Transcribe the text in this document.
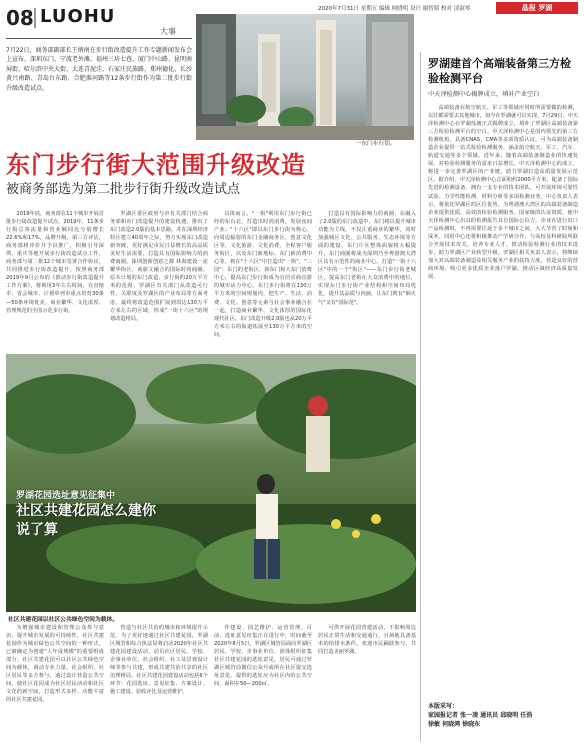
08 LUOHU
大事
2020年7月31日 星期五 编辑 柯晓明 设计 谢智韬 校对 凌淑琴	晶报 罗湖
7月22日，商务部副部长王炳南在步行街改造提升工作专题新闻发布会上宣布，深圳东门、宁波老外滩、福州三坊七巷、厦门中山路、昆明南屏街、哈尔滨中央大街、大连青泥洼、石家庄民族路、郑州德化、长沙黄兴南路、青岛台东路、合肥淮河路等12条步行街作为第二批步行街升级改造试点。
一东门步行街。
东门步行街大范围升级改造
被商务部选为第二批步行街升级改造试点

2019年底，商务部在11个城市开展首批步行街改造提升试点，2019年，11条步行街总客流量和营业额同比分别增长22.6%和17%，品牌升级，第三方评估，商务部将评价并予以推广，积极引导深圳、重庆等地开展步行街改造试点工作，商务部与第二批12个城市签署合作协议，共同推进步行街改造提升。按照商务部2019年9月公布的《推动步行街改造提升工作方案》，将利用3年左右时间，在直辖市、省会城市、计划单列市重点培育30条—50条环境优美、商业繁华、文化浓厚、管理规范的全国示范步行街。

罗湖区委区政府与市有关部门结合商务部和市门改造提升的建设机遇，推出了东门改造2.0版的基本思路，并在深圳经济特区建立40周年之际，努力实现东门改造新突破，更好满足市民日益增长的高品质美好生活需要，打造具有国际影响力的消费商圈。深圳创新创意之都 林海建设一流繁华街区，商旅文融合的国际时尚商圈。原木计划的东门改造，步行街约20万平方米的范围，罗湖区有关部门从改造可行性、关联度及罗湖区的产业布局等方面考虑，最终将改造范围扩展到周边130万平方米左右的区域，形成"一街十六区"的规划改造格局。

具体而言，"一街"利用东门步行街已经的东台北，打造出时尚消费，发展夜间产业；"十六区"即以东门步行街为核心，向周边辐射的东门金融商务区，创意文化区等，文化旅游、文化消费、全程客户服务街区，以及东门新地标、东门新消费中心等，将在"十六区"中打造出"一街"，"三园"：东门的老街区、新东门和大东门消费中心，提高东门步行街成为宜居宜商宜游的城市活力中心。东门步行街将在130万平方米的空间规划内，把生产、生活、消费、文化、创意等元素与社会事业融合在一起，打造商业繁华，文化浓厚的国际化现代社区。东门改造升级2.0版也从20万平方米左右的街道拓展至130万平方米的空间。

打造具有国际影响力的商圈，在融入了2.0版的东门改造中，东门将以提升城市功能为主线，不仅注重商业的繁华，同时加强城区文化、公共服务、生态环境等方面的建设，东门片区整体面貌将大幅提升，东门商圈将成为深圳乃至粤港澳大湾区具有示范性的商业中心。打造"一街十六区"中的一个"街区"——东门步行街老城区，提高东门老街在大众消费中的地位，实现东门步行街产业结构和空间布局优化，提升其品质与内涵，让东门既有"烟火气"又有"国际范"。

罗湖建首个高端装备第三方检验检测平台
中天泽检测中心揭牌成立，填补产业空白

高端装备在航空航天、军工等领域应用时所需要做的检测，以往都需要去其他城市，如今在罗湖就可以实现。7月29日，中天泽检测中心在罗湖莲塘正式揭牌成立，填补了罗湖区高端装备第三方检验检测平台的空白。中天泽检测中心是国内领先的第三方检测机构，具备CNAS、CMA等多项资质认证，可为高端装备制造企业提供一站式检验检测服务，涵盖航空航天、军工、汽车、轨道交通等多个领域。近年来，随着高端装备制造业的快速发展，对检验检测服务的需求日益增长。中天泽检测中心的成立，将进一步完善罗湖区的产业链，助力罗湖打造高质量发展示范区。据介绍，中天泽检测中心总面积约2000平方米，配备了国际先进的检测设备，拥有一支专业的技术团队，可开展环境可靠性试验、力学性能检测、材料分析等多项检测业务。中心负责人表示，将依托罗湖区的区位优势，为粤港澳大湾区的高端装备制造企业提供优质、高效的检验检测服务。国家级的认证资质，使中天泽检测中心出具的检测报告具有国际公信力，企业在进行出口产品检测时，不再需要往返于多个城市之间，大大节省了时间和成本。同时中心还将积极推动产学研合作，与高校及科研院所联合开展技术攻关，培养专业人才，推动检验检测行业的技术进步，助力罗湖区产业转型升级。罗湖区相关负责人表示，将继续加大对高端装备制造及相关服务产业的扶持力度，营造良好的营商环境，吸引更多优质企业落户罗湖，推动区域经济高质量发展。

本版采写：
家园报记者 张一凌 通讯员 邱晓明 任浩
徐敏 何晓鸿 徐晓东
罗湖花园选址意见征集中
社区共建花园怎么建你说了算
社区共建花园以社区公共绿色空间为载体。

为增强城市建设和管理公众参与意识，提升城市发展的可持续性，社区共建花园作为城市绿色公共空间的一种形式，已被确定为创建"人年成规模"的重要组成部分。社区共建花园可以社区公共绿色空间为载体，调动专业力量、社会组织、社区居民等多方参与，通过设计营造公共空间，使社区花园成为社区居民活动和社区文化的新空间，打造形式多样、功能丰富的社区共建花园。

营造与社区共治的城市和环境提升示范。为了更好地通过社区共建花园，罗湖区城管和综合执法局将启动2020年社区共建花园建设活动，动员社区居民、学校、企事业单位、社会组织、社工及景观设计师等参与共建，形成共建共治共享的社区治理格局。社区共建花园建设活动包括6个环节：花园选址、意见征集、方案设计、施工建设、验收评比及运营维护。

作建设、园艺维护、运营管理。目前，选址意见征集正在进行中，时间截至2020年8月5日，罗湖区城管局面向罗湖区居民、学校、企事业单位、团体组织征集社区共建花园的选址意见。居民可通过罗湖区城管局微信公众号或所在社区提交选址意见，提供的选址应为社区内的公共空间，面积在50—200㎡。

可供开展花园营建活动，不影响周边居民正常生活和交通通行，且场地具备基本的给排水条件。欢迎市民踊跃参与，共同打造美丽罗湖。
